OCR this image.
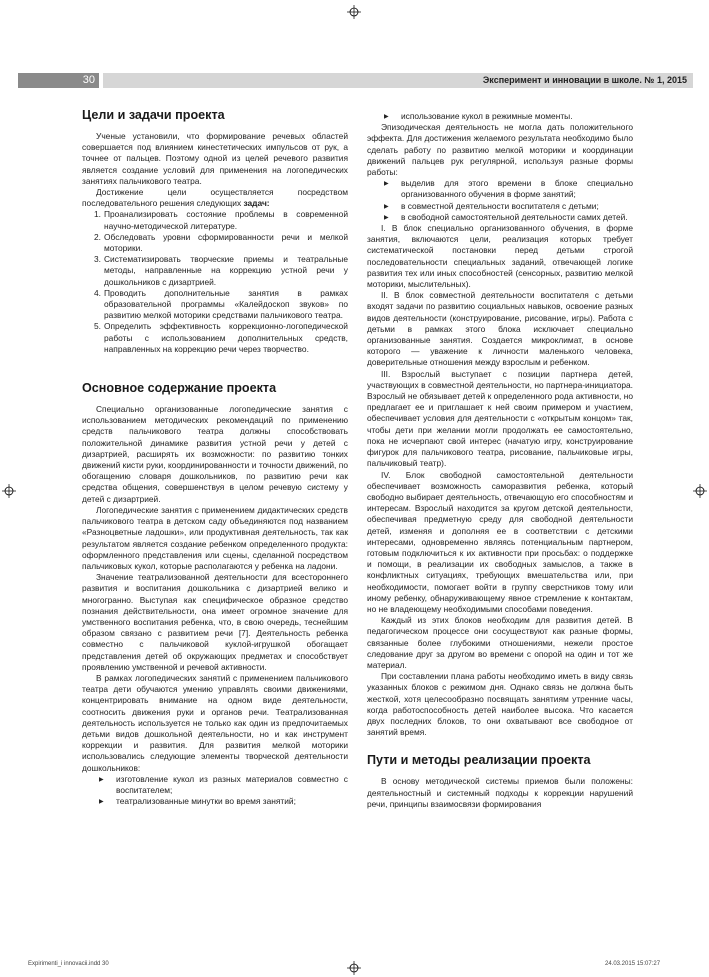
30	Эксперимент и инновации в школе. № 1, 2015
Цели и задачи проекта

Ученые установили, что формирование речевых областей совершается под влиянием кинестетических импульсов от рук, а точнее от пальцев. Поэтому одной из целей речевого развития является создание условий для применения на логопедических занятиях пальчикового театра.

Достижение цели осуществляется посредством последовательного решения следующих задач:

1. Проанализировать состояние проблемы в современной научно-методической литературе.
2. Обследовать уровни сформированности речи и мелкой моторики.
3. Систематизировать творческие приемы и театральные методы, направленные на коррекцию устной речи у дошкольников с дизартрией.
4. Проводить дополнительные занятия в рамках образовательной программы «Калейдоскоп звуков» по развитию мелкой моторики средствами пальчикового театра.
5. Определить эффективность коррекционно-логопедической работы с использованием дополнительных средств, направленных на коррекцию речи через творчество.
Основное содержание проекта

Специально организованные логопедические занятия с использованием методических рекомендаций по применению средств пальчикового театра должны способствовать положительной динамике развития устной речи у детей с дизартрией, расширять их возможности: по развитию тонких движений кисти руки, координированности и точности движений, по обогащению словаря дошкольников, по развитию речи как средства общения, совершенствуя в целом речевую систему у детей с дизартрией.

Логопедические занятия с применением дидактических средств пальчикового театра в детском саду объединяются под названием «Разноцветные ладошки», или продуктивная деятельность, так как результатом является создание ребенком определенного продукта: оформленного представления или сцены, сделанной посредством пальчиковых кукол, которые располагаются у ребенка на ладони.

Значение театрализованной деятельности для всестороннего развития и воспитания дошкольника с дизартрией велико и многогранно. Выступая как специфическое образное средство познания действительности, она имеет огромное значение для умственного воспитания ребенка, что, в свою очередь, теснейшим образом связано с развитием речи [7]. Деятельность ребенка совместно с пальчиковой куклой-игрушкой обогащает представления детей об окружающих предметах и способствует проявлению умственной и речевой активности.

В рамках логопедических занятий с применением пальчикового театра дети обучаются умению управлять своими движениями, концентрировать внимание на одном виде деятельности, соотносить движения руки и органов речи. Театрализованная деятельность используется не только как один из предпочитаемых детьми видов дошкольной деятельности, но и как инструмент коррекции и развития. Для развития мелкой моторики использовались следующие элементы творческой деятельности дошкольников:

▶ изготовление кукол из разных материалов совместно с воспитателем;
▶ театрализованные минутки во время занятий;
▶ использование кукол в режимные моменты.

Эпизодическая деятельность не могла дать положительного эффекта. Для достижения желаемого результата необходимо было сделать работу по развитию мелкой моторики и координации движений пальцев рук регулярной, используя разные формы работы:

▶ выделив для этого времени в блоке специально организованного обучения в форме занятий;
▶ в совместной деятельности воспитателя с детьми;
▶ в свободной самостоятельной деятельности самих детей.

I. В блок специально организованного обучения, в форме занятия, включаются цели, реализация которых требует систематической постановки перед детьми строгой последовательности специальных заданий, отвечающей логике развития тех или иных способностей (сенсорных, развитию мелкой моторики, мыслительных).

II. В блок совместной деятельности воспитателя с детьми входят задачи по развитию социальных навыков, освоение разных видов деятельности (конструирование, рисование, игры). Работа с детьми в рамках этого блока исключает специально организованные занятия. Создается микроклимат, в основе которого — уважение к личности маленького человека, доверительные отношения между взрослым и ребенком.

III. Взрослый выступает с позиции партнера детей, участвующих в совместной деятельности, но партнера-инициатора. Взрослый не обязывает детей к определенного рода активности, но предлагает ее и приглашает к ней своим примером и участием, обеспечивает условия для деятельности с «открытым концом» так, чтобы дети при желании могли продолжать ее самостоятельно, пока не исчерпают свой интерес (начатую игру, конструирование фигурок для пальчикового театра, рисование, пальчиковые игры, пальчиковый театр).

IV. Блок свободной самостоятельной деятельности обеспечивает возможность саморазвития ребенка, который свободно выбирает деятельность, отвечающую его способностям и интересам. Взрослый находится за кругом детской деятельности, обеспечивая предметную среду для свободной деятельности детей, изменяя и дополняя ее в соответствии с детскими интересами, одновременно являясь потенциальным партнером, готовым подключиться к их активности при просьбах: о поддержке и помощи, в реализации их свободных замыслов, а также в конфликтных ситуациях, требующих вмешательства или, при необходимости, помогает войти в группу сверстников тому или иному ребенку, обнаруживающему явное стремление к контактам, но не владеющему необходимыми способами поведения.

Каждый из этих блоков необходим для развития детей. В педагогическом процессе они сосуществуют как разные формы, связанные более глубокими отношениями, нежели простое следование друг за другом во времени с опорой на один и тот же материал.

При составлении плана работы необходимо иметь в виду связь указанных блоков с режимом дня. Однако связь не должна быть жесткой, хотя целесообразно посвящать занятиям утренние часы, когда работоспособность детей наиболее высока. Что касается двух последних блоков, то они охватывают все свободное от занятий время.

Пути и методы реализации проекта

В основу методической системы приемов были положены: деятельностный и системный подходы к коррекции нарушений речи, принципы взаимосвязи формирования

Expirimenti_i innovacii.indd 30	24.03.2015 15:07:27
